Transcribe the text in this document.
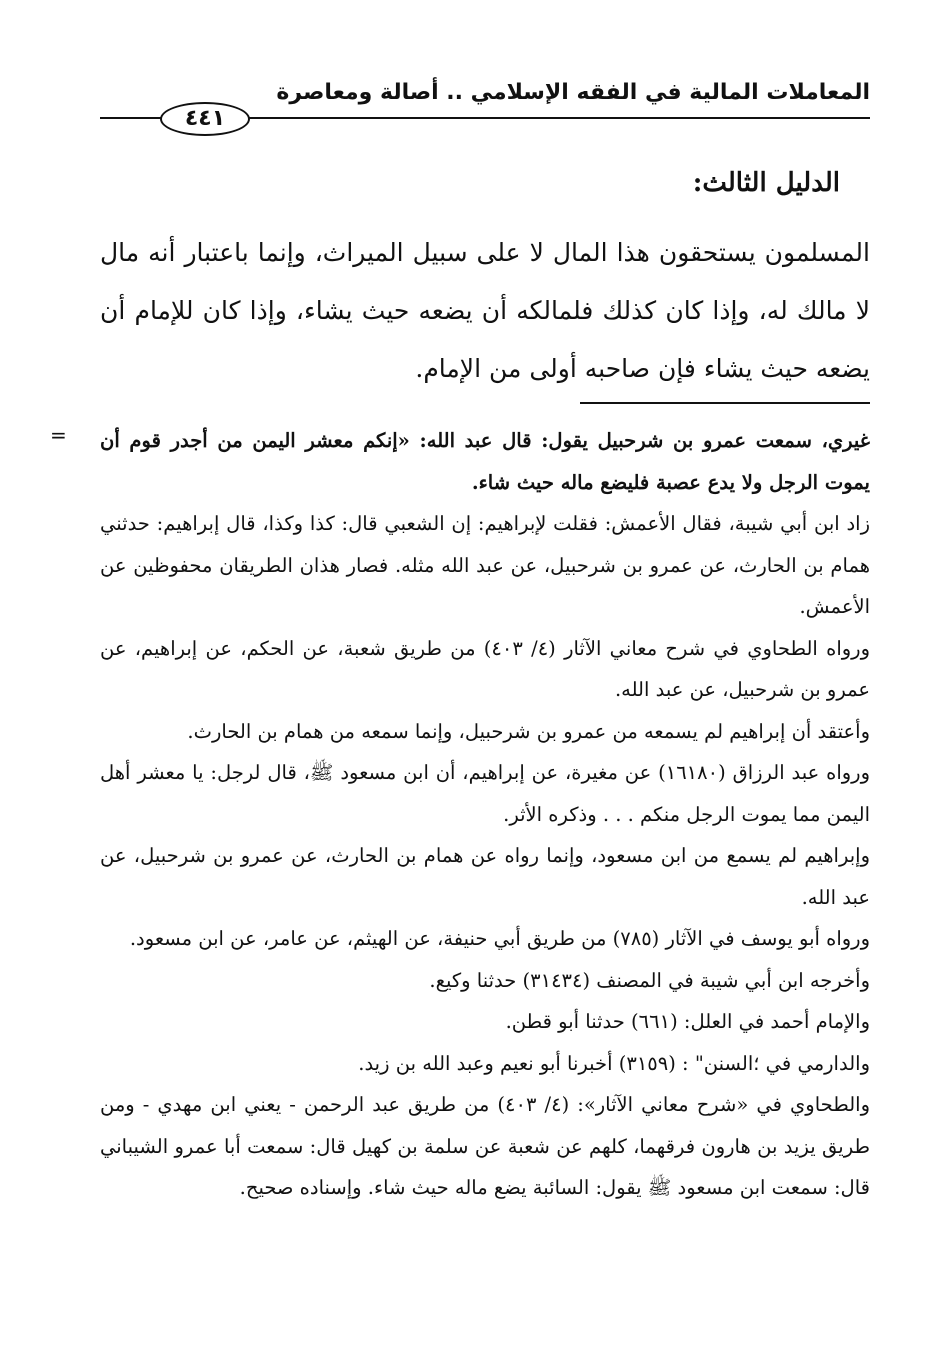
المعاملات المالية في الفقه الإسلامي .. أصالة ومعاصرة
٤٤١
الدليل الثالث:

المسلمون يستحقون هذا المال لا على سبيل الميراث، وإنما باعتبار أنه مال لا مالك له، وإذا كان كذلك فلمالكه أن يضعه حيث يشاء، وإذا كان للإمام أن يضعه حيث يشاء فإن صاحبه أولى من الإمام.

= غيري، سمعت عمرو بن شرحبيل يقول: قال عبد الله: «إنكم معشر اليمن من أجدر قوم أن يموت الرجل ولا يدع عصبة فليضع ماله حيث شاء.

زاد ابن أبي شيبة، فقال الأعمش: فقلت لإبراهيم: إن الشعبي قال: كذا وكذا، قال إبراهيم: حدثني همام بن الحارث، عن عمرو بن شرحبيل، عن عبد الله مثله. فصار هذان الطريقان محفوظين عن الأعمش.

ورواه الطحاوي في شرح معاني الآثار (٤/ ٤٠٣) من طريق شعبة، عن الحكم، عن إبراهيم، عن عمرو بن شرحبيل، عن عبد الله.

وأعتقد أن إبراهيم لم يسمعه من عمرو بن شرحبيل، وإنما سمعه من همام بن الحارث.

ورواه عبد الرزاق (١٦١٨٠) عن مغيرة، عن إبراهيم، أن ابن مسعود ﷺ، قال لرجل: يا معشر أهل اليمن مما يموت الرجل منكم . . . وذكره الأثر.

وإبراهيم لم يسمع من ابن مسعود، وإنما رواه عن همام بن الحارث، عن عمرو بن شرحبيل، عن عبد الله.

ورواه أبو يوسف في الآثار (٧٨٥) من طريق أبي حنيفة، عن الهيثم، عن عامر، عن ابن مسعود.

وأخرجه ابن أبي شيبة في المصنف (٣١٤٣٤) حدثنا وكيع.

والإمام أحمد في العلل: (٦٦١) حدثنا أبو قطن.

والدارمي في ؛السنن" : (٣١٥٩) أخبرنا أبو نعيم وعبد الله بن زيد.

والطحاوي في «شرح معاني الآثار»: (٤/ ٤٠٣) من طريق عبد الرحمن - يعني ابن مهدي - ومن طريق يزيد بن هارون فرقهما، كلهم عن شعبة عن سلمة بن كهيل قال: سمعت أبا عمرو الشيباني قال: سمعت ابن مسعود ﷺ يقول: السائبة يضع ماله حيث شاء. وإسناده صحيح.
